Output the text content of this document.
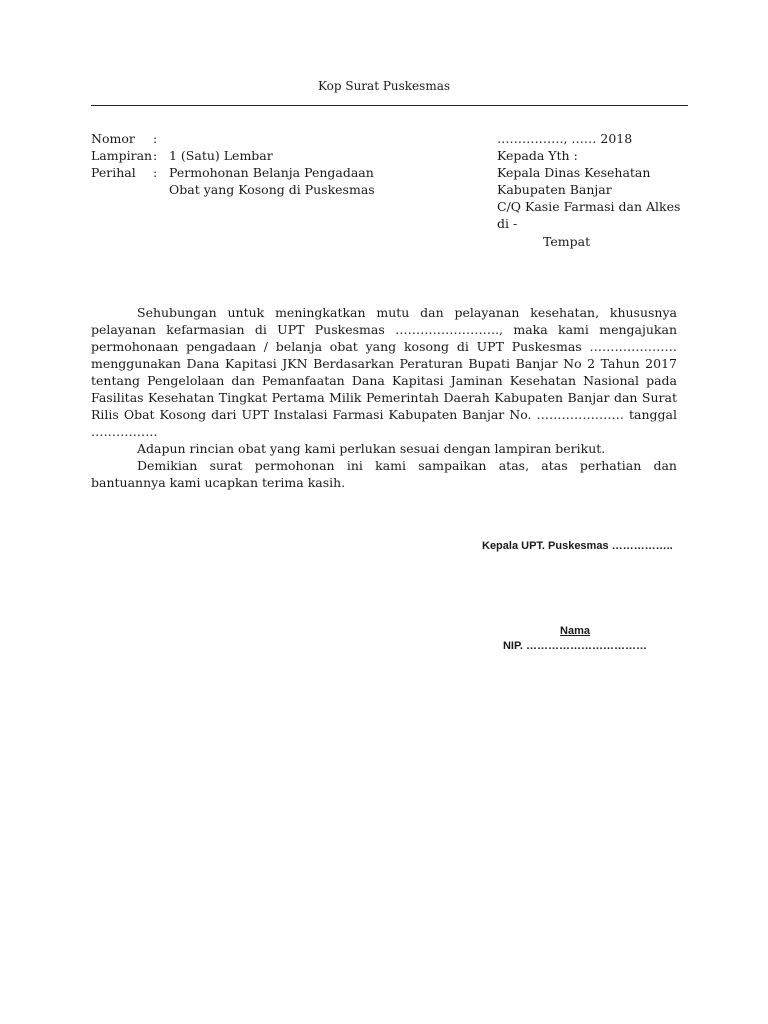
Kop Surat Puskesmas
Nomor	:
Lampiran : 1 (Satu) Lembar
Perihal	: Permohonan Belanja Pengadaan
Obat yang Kosong di Puskesmas
……………., …… 2018
Kepada Yth :
Kepala Dinas Kesehatan
Kabupaten Banjar
C/Q Kasie Farmasi dan Alkes
di -
Tempat

Sehubungan untuk meningkatkan mutu dan pelayanan kesehatan, khususnya pelayanan kefarmasian di UPT Puskesmas ……………………., maka kami mengajukan permohonaan pengadaan / belanja obat yang kosong di UPT Puskesmas ………………… menggunakan Dana Kapitasi JKN Berdasarkan Peraturan Bupati Banjar No 2 Tahun 2017 tentang Pengelolaan dan Pemanfaatan Dana Kapitasi Jaminan Kesehatan Nasional pada Fasilitas Kesehatan Tingkat Pertama Milik Pemerintah Daerah Kabupaten Banjar dan Surat Rilis Obat Kosong dari UPT Instalasi Farmasi Kabupaten Banjar No. ………………… tanggal …………….

Adapun rincian obat yang kami perlukan sesuai dengan lampiran berikut.

Demikian surat permohonan ini kami sampaikan atas, atas perhatian dan bantuannya kami ucapkan terima kasih.

Kepala UPT. Puskesmas ……………..
Nama
NIP. ……………………………
